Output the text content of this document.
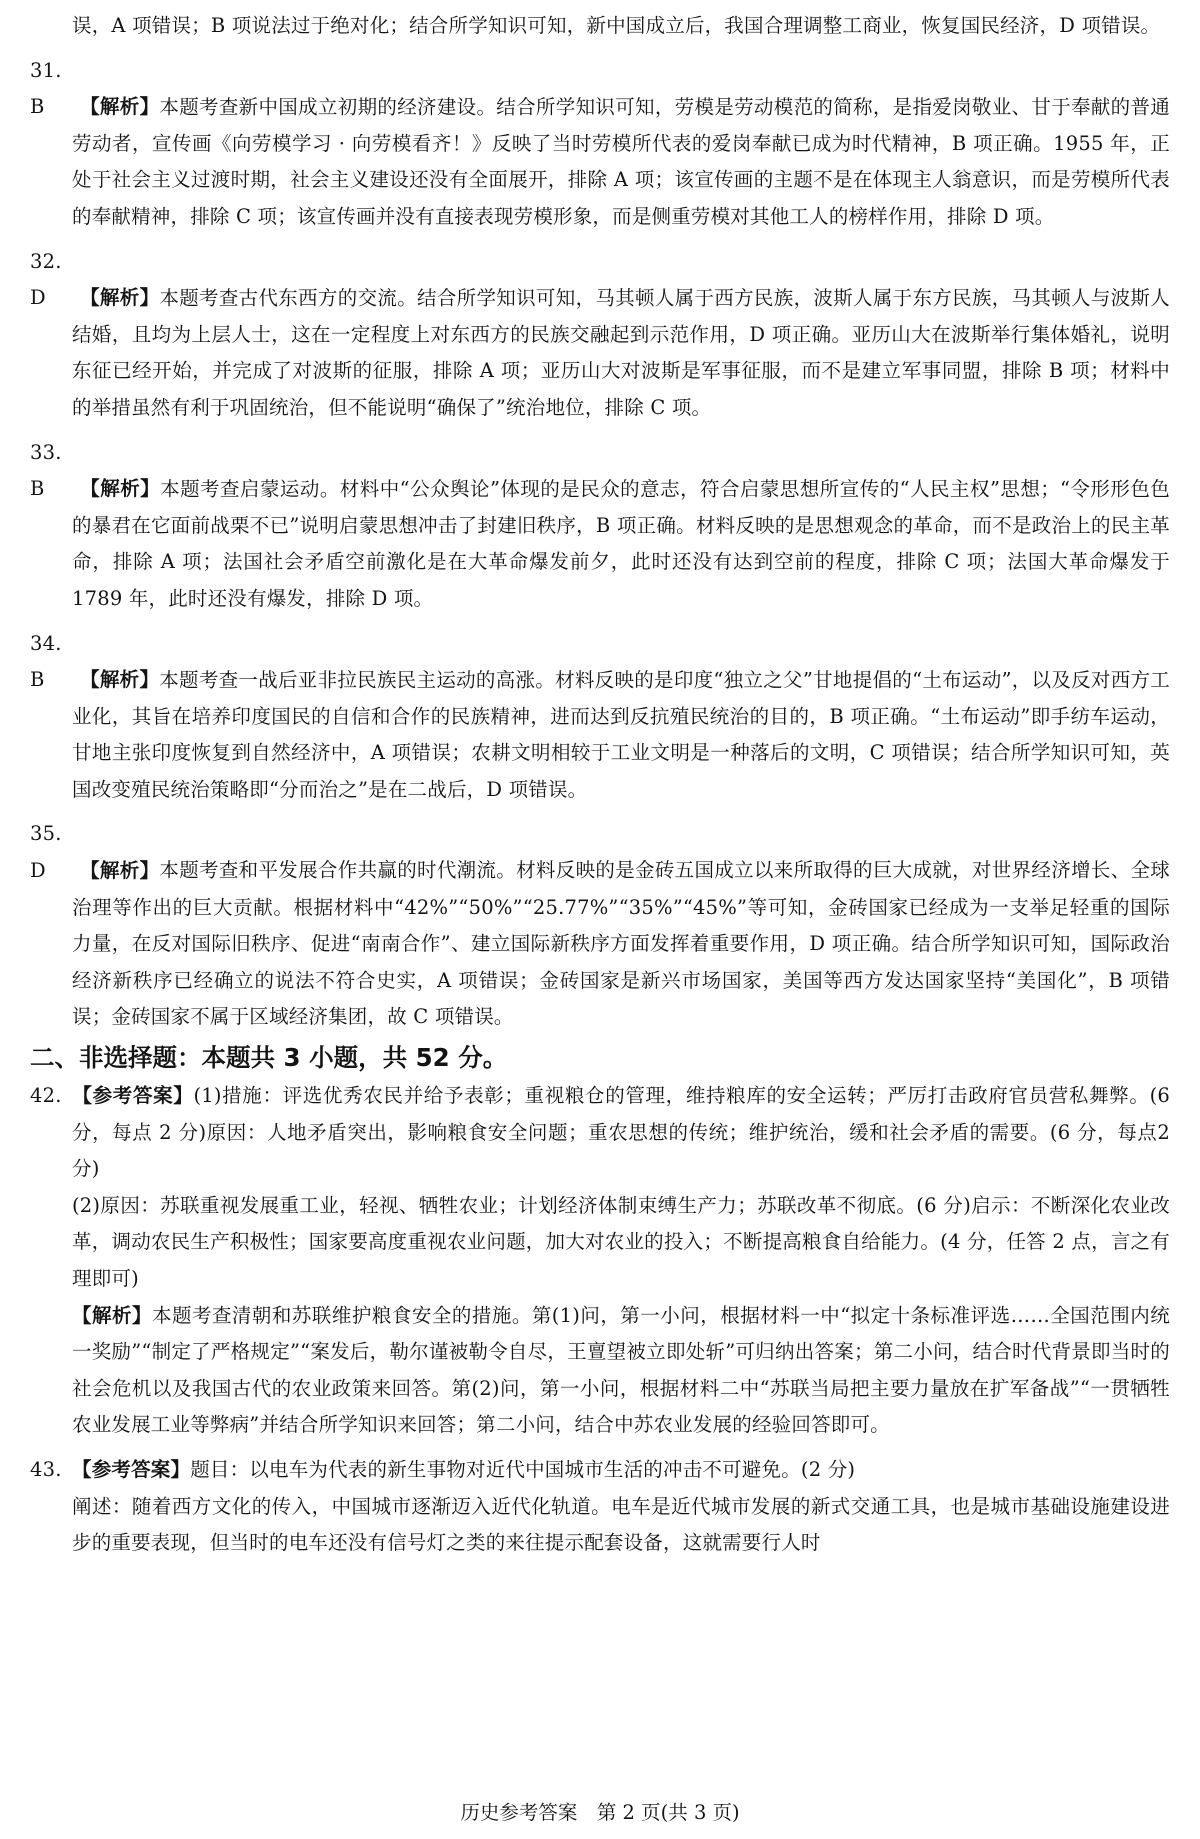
误，A 项错误；B 项说法过于绝对化；结合所学知识可知，新中国成立后，我国合理调整工商业，恢复国民经济，D 项错误。

31. B 【解析】本题考查新中国成立初期的经济建设。结合所学知识可知，劳模是劳动模范的简称，是指爱岗敬业、甘于奉献的普通劳动者，宣传画《向劳模学习 · 向劳模看齐！》反映了当时劳模所代表的爱岗奉献已成为时代精神，B 项正确。1955 年，正处于社会主义过渡时期，社会主义建设还没有全面展开，排除 A 项；该宣传画的主题不是在体现主人翁意识，而是劳模所代表的奉献精神，排除 C 项；该宣传画并没有直接表现劳模形象，而是侧重劳模对其他工人的榜样作用，排除 D 项。

32. D 【解析】本题考查古代东西方的交流。结合所学知识可知，马其顿人属于西方民族，波斯人属于东方民族，马其顿人与波斯人结婚，且均为上层人士，这在一定程度上对东西方的民族交融起到示范作用，D 项正确。亚历山大在波斯举行集体婚礼，说明东征已经开始，并完成了对波斯的征服，排除 A 项；亚历山大对波斯是军事征服，而不是建立军事同盟，排除 B 项；材料中的举措虽然有利于巩固统治，但不能说明“确保了”统治地位，排除 C 项。

33. B 【解析】本题考查启蒙运动。材料中“公众舆论”体现的是民众的意志，符合启蒙思想所宣传的“人民主权”思想；“令形形色色的暴君在它面前战栗不已”说明启蒙思想冲击了封建旧秩序，B 项正确。材料反映的是思想观念的革命，而不是政治上的民主革命，排除 A 项；法国社会矛盾空前激化是在大革命爆发前夕，此时还没有达到空前的程度，排除 C 项；法国大革命爆发于 1789 年，此时还没有爆发，排除 D 项。

34. B 【解析】本题考查一战后亚非拉民族民主运动的高涨。材料反映的是印度“独立之父”甘地提倡的“土布运动”，以及反对西方工业化，其旨在培养印度国民的自信和合作的民族精神，进而达到反抗殖民统治的目的，B 项正确。“土布运动”即手纺车运动，甘地主张印度恢复到自然经济中，A 项错误；农耕文明相较于工业文明是一种落后的文明，C 项错误；结合所学知识可知，英国改变殖民统治策略即“分而治之”是在二战后，D 项错误。

35. D 【解析】本题考查和平发展合作共赢的时代潮流。材料反映的是金砖五国成立以来所取得的巨大成就，对世界经济增长、全球治理等作出的巨大贡献。根据材料中“42%”“50%”“25.77%”“35%”“45%”等可知，金砖国家已经成为一支举足轻重的国际力量，在反对国际旧秩序、促进“南南合作”、建立国际新秩序方面发挥着重要作用，D 项正确。结合所学知识可知，国际政治经济新秩序已经确立的说法不符合史实，A 项错误；金砖国家是新兴市场国家，美国等西方发达国家坚持“美国化”，B 项错误；金砖国家不属于区域经济集团，故 C 项错误。

二、非选择题：本题共 3 小题，共 52 分。

42. 【参考答案】(1)措施：评选优秀农民并给予表彰；重视粮仓的管理，维持粮库的安全运转；严厉打击政府官员营私舞弊。(6 分，每点 2 分)原因：人地矛盾突出，影响粮食安全问题；重农思想的传统；维护统治，缓和社会矛盾的需要。(6 分，每点2 分)

(2)原因：苏联重视发展重工业，轻视、牺牲农业；计划经济体制束缚生产力；苏联改革不彻底。(6 分)启示：不断深化农业改革，调动农民生产积极性；国家要高度重视农业问题，加大对农业的投入；不断提高粮食自给能力。(4 分，任答 2 点，言之有理即可)

【解析】本题考查清朝和苏联维护粮食安全的措施。第(1)问，第一小问，根据材料一中“拟定十条标准评选……全国范围内统一奖励”“制定了严格规定”“案发后，勒尔谨被勒令自尽，王亶望被立即处斩”可归纳出答案；第二小问，结合时代背景即当时的社会危机以及我国古代的农业政策来回答。第(2)问，第一小问，根据材料二中“苏联当局把主要力量放在扩军备战”“一贯牺牲农业发展工业等弊病”并结合所学知识来回答；第二小问，结合中苏农业发展的经验回答即可。

43. 【参考答案】题目：以电车为代表的新生事物对近代中国城市生活的冲击不可避免。(2 分)

阐述：随着西方文化的传入，中国城市逐渐迈入近代化轨道。电车是近代城市发展的新式交通工具，也是城市基础设施建设进步的重要表现，但当时的电车还没有信号灯之类的来往提示配套设备，这就需要行人时

历史参考答案　第 2 页(共 3 页)
